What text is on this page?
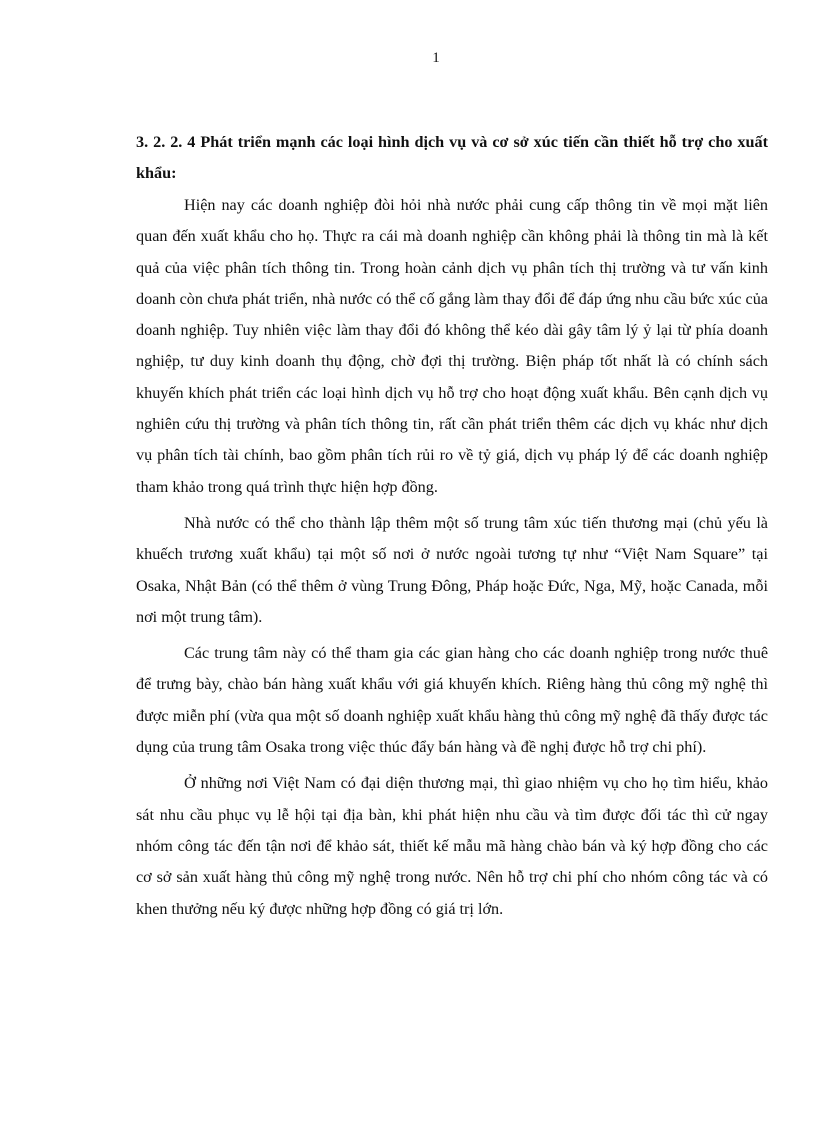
1

3. 2. 2. 4 Phát triển mạnh các loại hình dịch vụ và cơ sở xúc tiến cần thiết hỗ trợ cho xuất khẩu:

Hiện nay các doanh nghiệp đòi hỏi nhà nước phải cung cấp thông tin về mọi mặt liên quan đến xuất khẩu cho họ. Thực ra cái mà doanh nghiệp cần không phải là thông tin mà là kết quả của việc phân tích thông tin. Trong hoàn cảnh dịch vụ phân tích thị trường và tư vấn kinh doanh còn chưa phát triển, nhà nước có thể cố gắng làm thay đổi để đáp ứng nhu cầu bức xúc của doanh nghiệp. Tuy nhiên việc làm thay đổi đó không thể kéo dài gây tâm lý ỷ lại từ phía doanh nghiệp, tư duy kinh doanh thụ động, chờ đợi thị trường. Biện pháp tốt nhất là có chính sách khuyến khích phát triển các loại hình dịch vụ hỗ trợ cho hoạt động xuất khẩu. Bên cạnh dịch vụ nghiên cứu thị trường và phân tích thông tin, rất cần phát triển thêm các dịch vụ khác như dịch vụ phân tích tài chính, bao gồm phân tích rủi ro về tỷ giá, dịch vụ pháp lý để các doanh nghiệp tham khảo trong quá trình thực hiện hợp đồng.

Nhà nước có thể cho thành lập thêm một số trung tâm xúc tiến thương mại (chủ yếu là khuếch trương xuất khẩu) tại một số nơi ở nước ngoài tương tự như “Việt Nam Square” tại Osaka, Nhật Bản (có thể thêm ở vùng Trung Đông, Pháp hoặc Đức, Nga, Mỹ, hoặc Canada, mỗi nơi một trung tâm).

Các trung tâm này có thể tham gia các gian hàng cho các doanh nghiệp trong nước thuê để trưng bày, chào bán hàng xuất khẩu với giá khuyến khích. Riêng hàng thủ công mỹ nghệ thì được miễn phí (vừa qua một số doanh nghiệp xuất khẩu hàng thủ công mỹ nghệ đã thấy được tác dụng của trung tâm Osaka trong việc thúc đẩy bán hàng và đề nghị được hỗ trợ chi phí).

Ở những nơi Việt Nam có đại diện thương mại, thì giao nhiệm vụ cho họ tìm hiểu, khảo sát nhu cầu phục vụ lễ hội tại địa bàn, khi phát hiện nhu cầu và tìm được đối tác thì cử ngay nhóm công tác đến tận nơi để khảo sát, thiết kế mẫu mã hàng chào bán và ký hợp đồng cho các cơ sở sản xuất hàng thủ công mỹ nghệ trong nước. Nên hỗ trợ chi phí cho nhóm công tác và có khen thưởng nếu ký được những hợp đồng có giá trị lớn.
